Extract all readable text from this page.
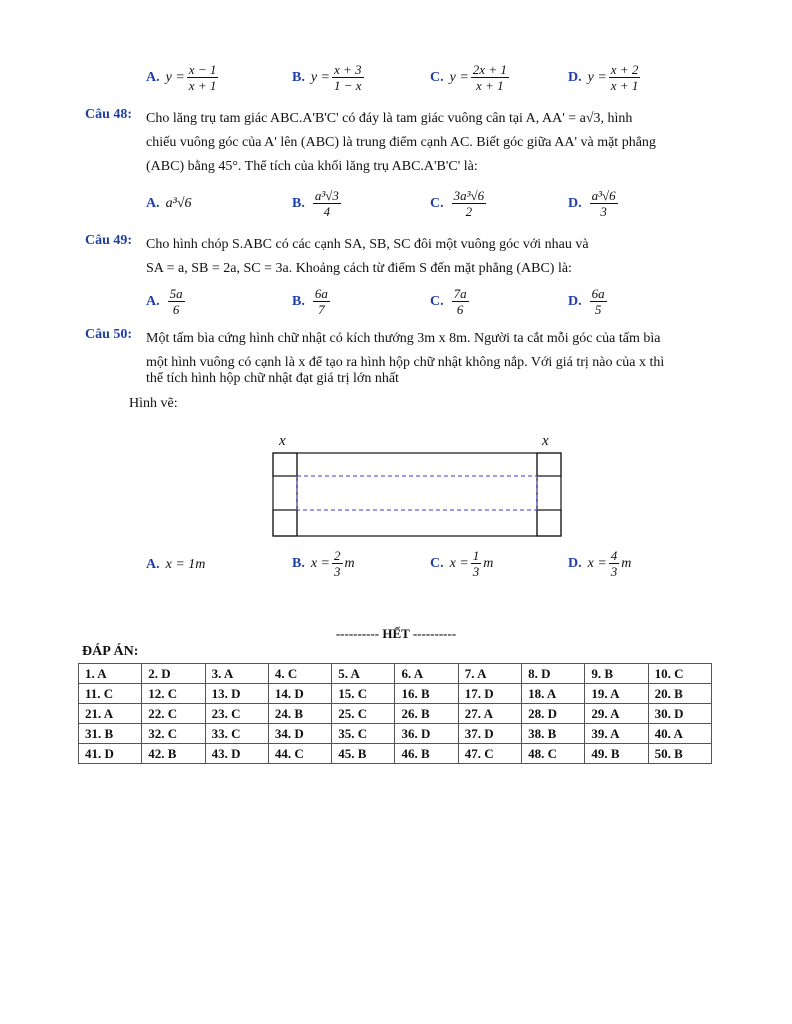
A. $y = \frac{x - 1}{x + 1}$	B. $y = \frac{x + 3}{1 - x}$	C. $y = \frac{2x + 1}{x + 1}$	D. $y = \frac{x + 2}{x + 1}$
Câu 48: Cho lăng trụ tam giác ABC.A'B'C' có đáy là tam giác vuông cân tại A, AA' = a√3, hình
chiếu vuông góc của A' lên (ABC) là trung điểm cạnh AC. Biết góc giữa AA' và mặt phẳng
(ABC) bằng 45°. Thể tích của khối lăng trụ ABC.A'B'C' là:
A. a³√6	B. $\frac{\text{a³√3}}{4}$	C. $\frac{\text{3a³√6}}{2}$	D. $\frac{\text{a³√6}}{3}$
Câu 49: Cho hình chóp S.ABC có các cạnh SA, SB, SC đôi một vuông góc với nhau và
SA = a, SB = 2a, SC = 3a. Khoảng cách từ điểm S đến mặt phẳng (ABC) là:
A. $\frac{5a}{6}$	B. $\frac{6a}{7}$	C. $\frac{7a}{6}$	D. $\frac{6a}{5}$
Câu 50: Một tấm bìa cứng hình chữ nhật có kích thướng 3m x 8m. Người ta cắt mỗi góc của tấm bìa
một hình vuông có cạnh là x để tạo ra hình hộp chữ nhật không nắp. Với giá trị nào của x thì
thể tích hình hộp chữ nhật đạt giá trị lớn nhất
Hình vẽ:
x	x
A. x = 1m	B. $x = \frac{2}{3}$ m	C. $x = \frac{1}{3}$ m	D. $x = \frac{4}{3}$ m
---------- HẾT ----------
ĐÁP ÁN:
1. A	2. D	3. A	4. C	5. A	6. A	7. A	8. D	9. B	10. C
11. C	12. C	13. D	14. D	15. C	16. B	17. D	18. A	19. A	20. B
21. A	22. C	23. C	24. B	25. C	26. B	27. A	28. D	29. A	30. D
31. B	32. C	33. C	34. D	35. C	36. D	37. D	38. B	39. A	40. A
41. D	42. B	43. D	44. C	45. B	46. B	47. C	48. C	49. B	50. B
